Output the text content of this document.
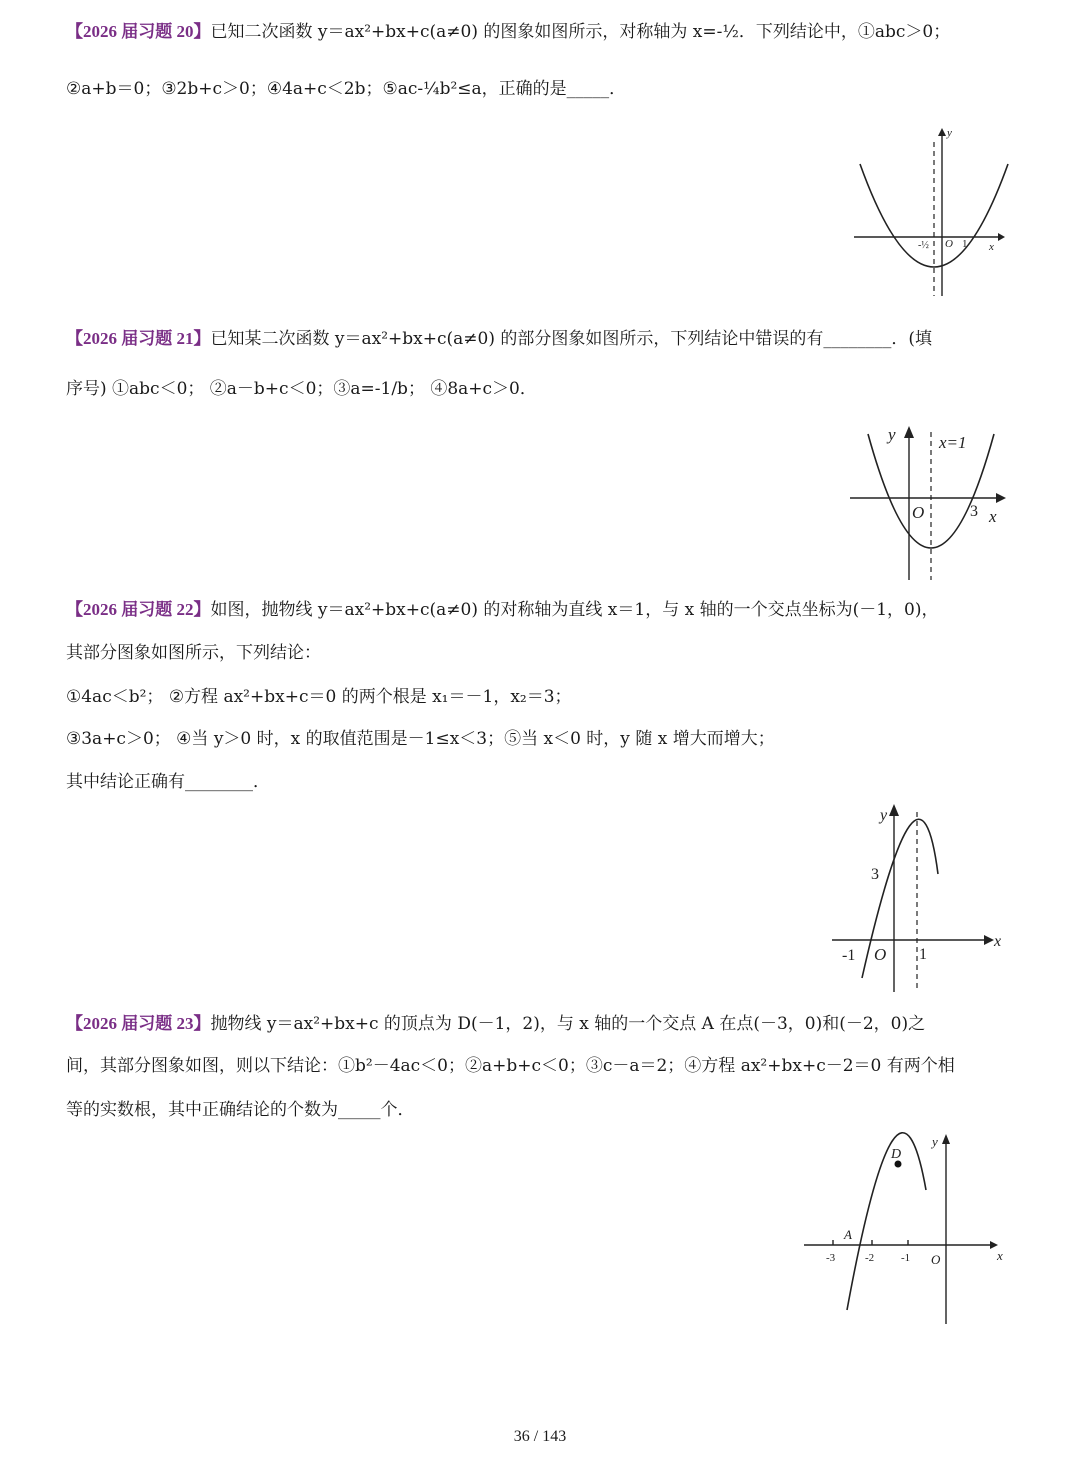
【2026 届习题 20】已知二次函数 y＝ax²+bx+c(a≠0) 的图象如图所示，对称轴为 x=-½．下列结论中，①abc＞0；
②a+b＝0；③2b+c＞0；④4a+c＜2b；⑤ac-¼b²≤a，正确的是_____．
y
x
O
-½	1
【2026 届习题 21】已知某二次函数 y＝ax²+bx+c(a≠0) 的部分图象如图所示，下列结论中错误的有________．(填
序号) ①abc＜0； ②a－b+c＜0；③a=-1/b； ④8a+c＞0．
y
x
O
x=1
3
【2026 届习题 22】如图，抛物线 y＝ax²+bx+c(a≠0) 的对称轴为直线 x＝1，与 x 轴的一个交点坐标为(－1，0)，
其部分图象如图所示，下列结论：
①4ac＜b²； ②方程 ax²+bx+c＝0 的两个根是 x₁＝－1，x₂＝3；
③3a+c＞0； ④当 y＞0 时，x 的取值范围是－1≤x＜3；⑤当 x＜0 时，y 随 x 增大而增大；
其中结论正确有________．
y
x
O
3
-1	1
【2026 届习题 23】抛物线 y＝ax²+bx+c 的顶点为 D(－1，2)，与 x 轴的一个交点 A 在点(－3，0)和(－2，0)之
间，其部分图象如图，则以下结论：①b²－4ac＜0；②a+b+c＜0；③c－a＝2；④方程 ax²+bx+c－2＝0 有两个相
等的实数根，其中正确结论的个数为_____个．
D
A
y
x
O
-3	-2 -1
36 / 143
